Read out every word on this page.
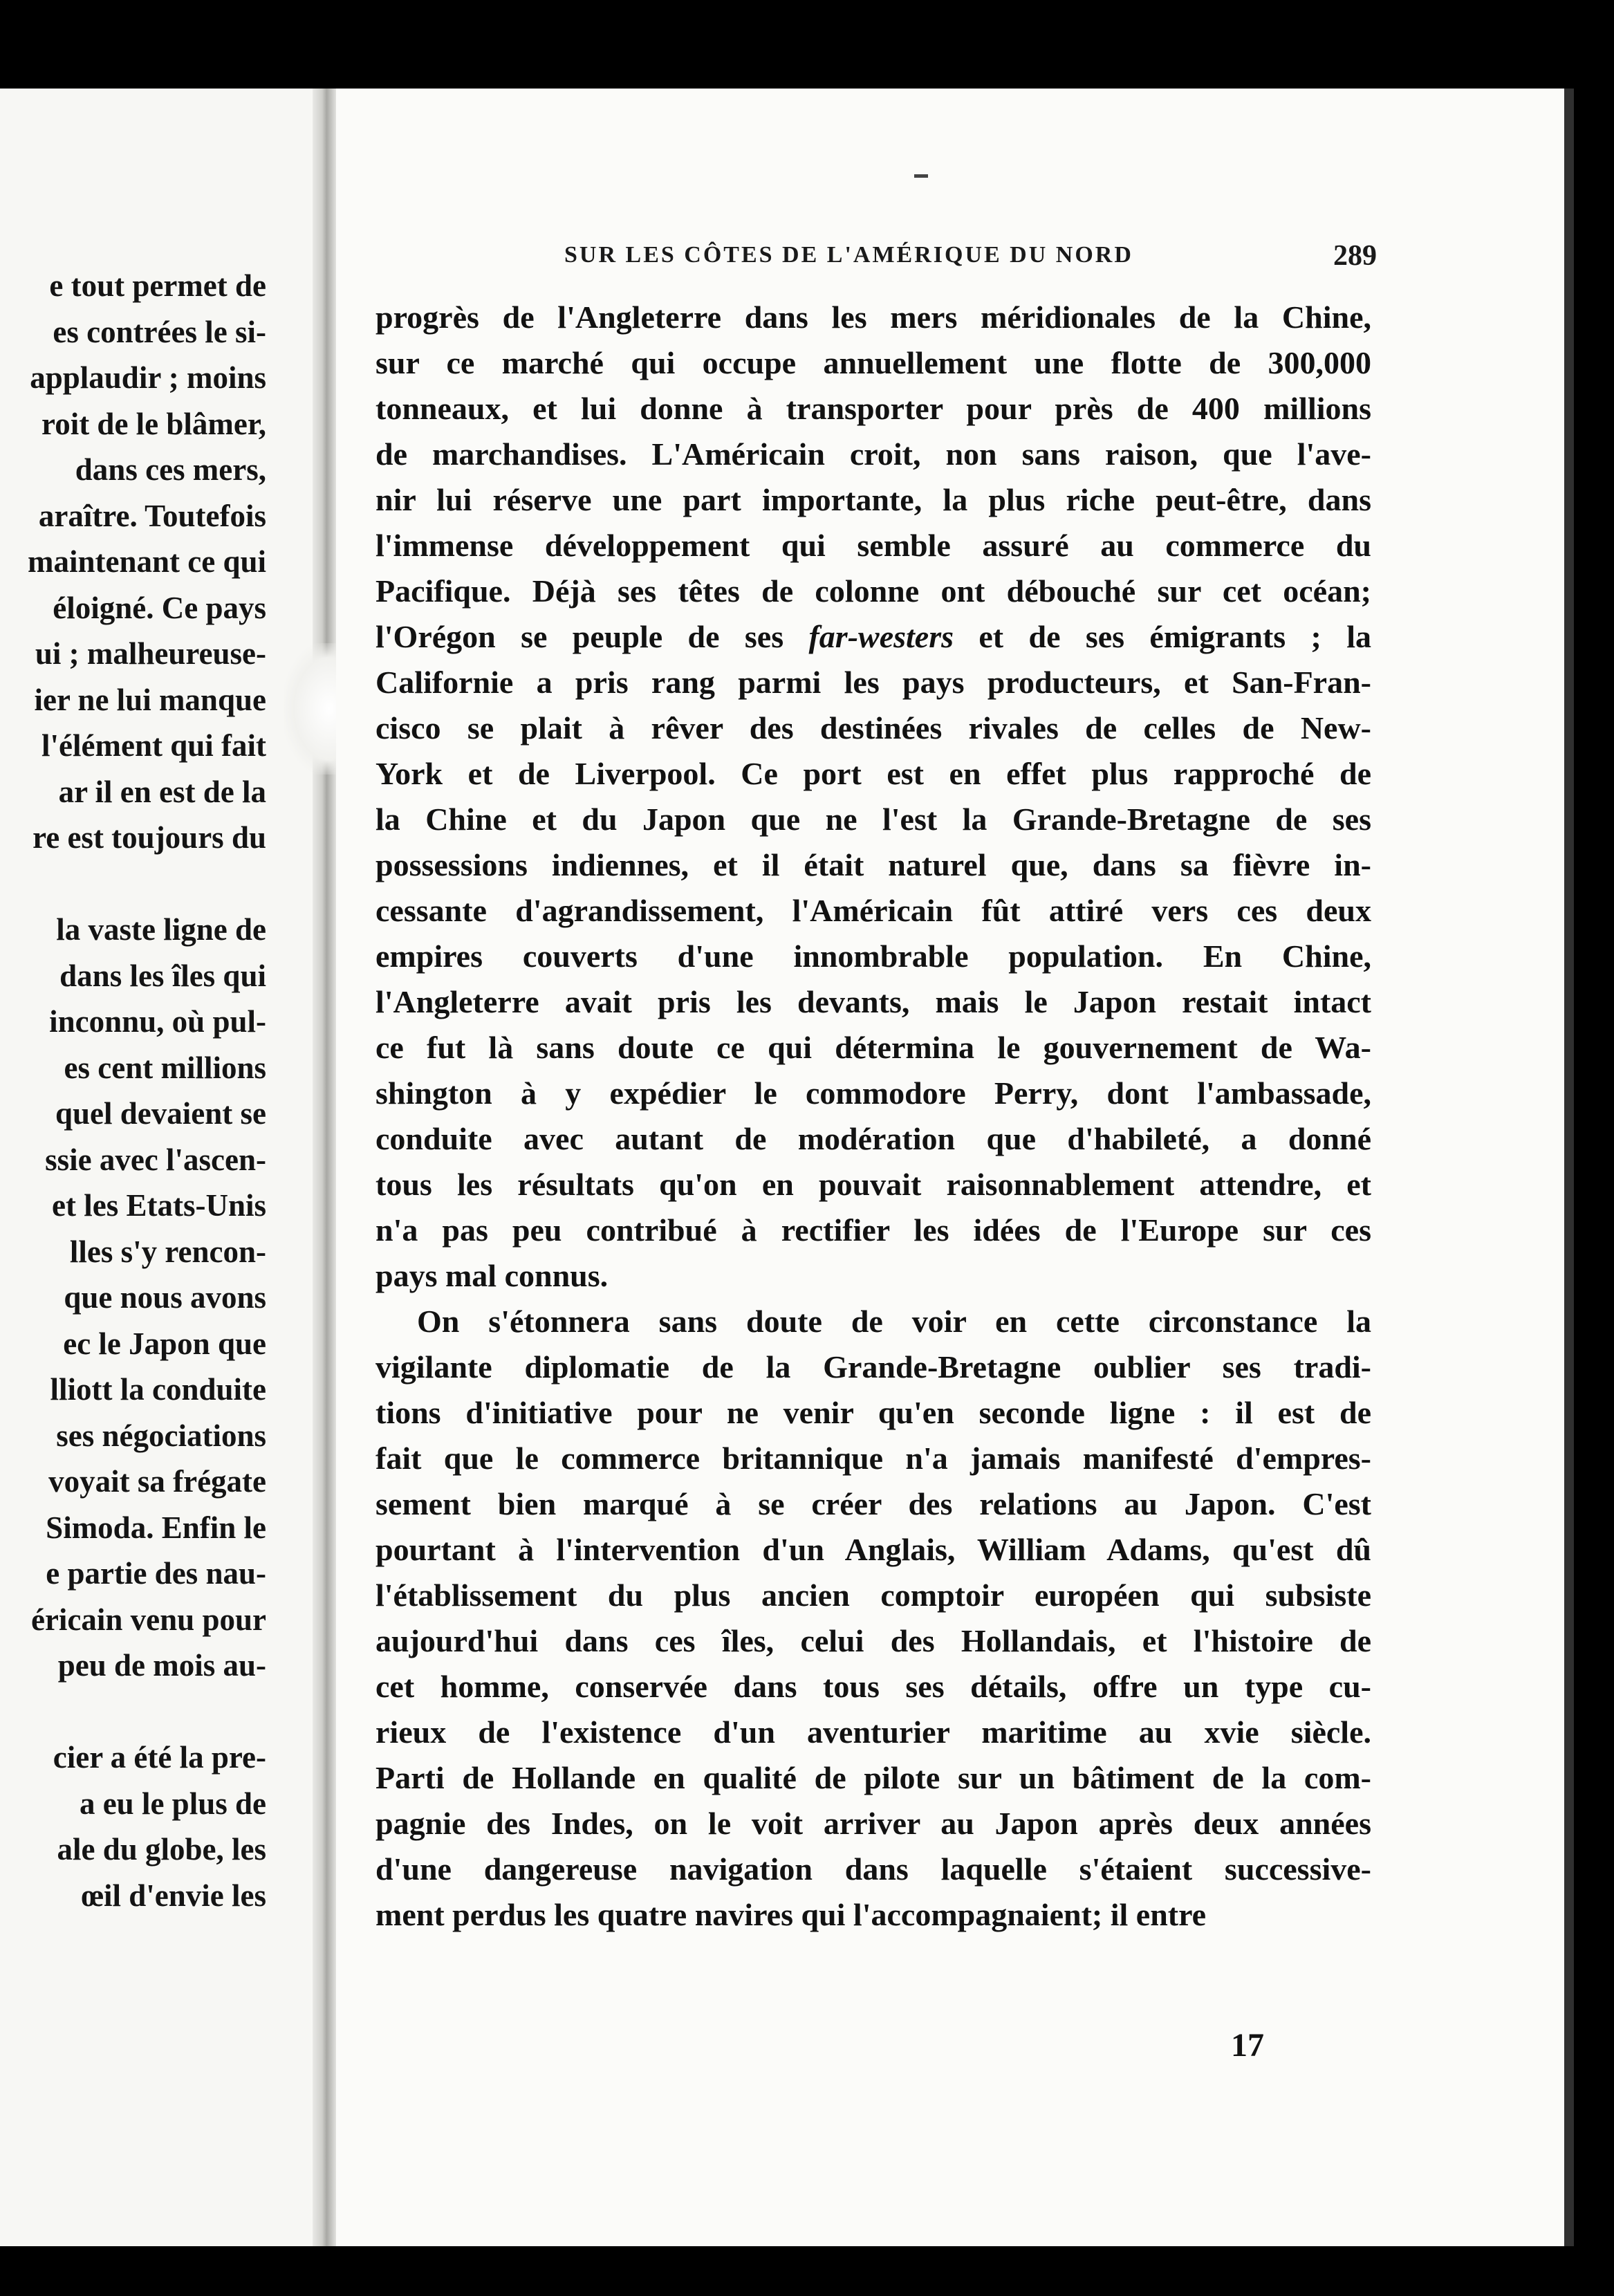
e tout permet de
es contrées le si-
applaudir ; moins
roit de le blâmer,
dans ces mers,
araître. Toutefois
maintenant ce qui
éloigné. Ce pays
ui ; malheureuse-
ier ne lui manque
l'élément qui fait
ar il en est de la
re est toujours du
la vaste ligne de
dans les îles qui
inconnu, où pul-
es cent millions
quel devaient se
ssie avec l'ascen-
et les Etats-Unis
lles s'y rencon-
que nous avons
ec le Japon que
lliott la conduite
ses négociations
voyait sa frégate
Simoda. Enfin le
e partie des nau-
éricain venu pour
peu de mois au-
cier a été la pre-
a eu le plus de
ale du globe, les
œil d'envie les
SUR LES CÔTES DE L'AMÉRIQUE DU NORD	289
progrès de l'Angleterre dans les mers méridionales de la Chine,
sur ce marché qui occupe annuellement une flotte de 300,000
tonneaux, et lui donne à transporter pour près de 400 millions
de marchandises. L'Américain croit, non sans raison, que l'ave-
nir lui réserve une part importante, la plus riche peut-être, dans
l'immense développement qui semble assuré au commerce du
Pacifique. Déjà ses têtes de colonne ont débouché sur cet océan;
l'Orégon se peuple de ses far-westers et de ses émigrants ; la
Californie a pris rang parmi les pays producteurs, et San-Fran-
cisco se plait à rêver des destinées rivales de celles de New-
York et de Liverpool. Ce port est en effet plus rapproché de
la Chine et du Japon que ne l'est la Grande-Bretagne de ses
possessions indiennes, et il était naturel que, dans sa fièvre in-
cessante d'agrandissement, l'Américain fût attiré vers ces deux
empires couverts d'une innombrable population. En Chine,
l'Angleterre avait pris les devants, mais le Japon restait intact
ce fut là sans doute ce qui détermina le gouvernement de Wa-
shington à y expédier le commodore Perry, dont l'ambassade,
conduite avec autant de modération que d'habileté, a donné
tous les résultats qu'on en pouvait raisonnablement attendre, et
n'a pas peu contribué à rectifier les idées de l'Europe sur ces
pays mal connus.
On s'étonnera sans doute de voir en cette circonstance la
vigilante diplomatie de la Grande-Bretagne oublier ses tradi-
tions d'initiative pour ne venir qu'en seconde ligne : il est de
fait que le commerce britannique n'a jamais manifesté d'empres-
sement bien marqué à se créer des relations au Japon. C'est
pourtant à l'intervention d'un Anglais, William Adams, qu'est dû
l'établissement du plus ancien comptoir européen qui subsiste
aujourd'hui dans ces îles, celui des Hollandais, et l'histoire de
cet homme, conservée dans tous ses détails, offre un type cu-
rieux de l'existence d'un aventurier maritime au xvie siècle.
Parti de Hollande en qualité de pilote sur un bâtiment de la com-
pagnie des Indes, on le voit arriver au Japon après deux années
d'une dangereuse navigation dans laquelle s'étaient successive-
ment perdus les quatre navires qui l'accompagnaient; il entre
17
